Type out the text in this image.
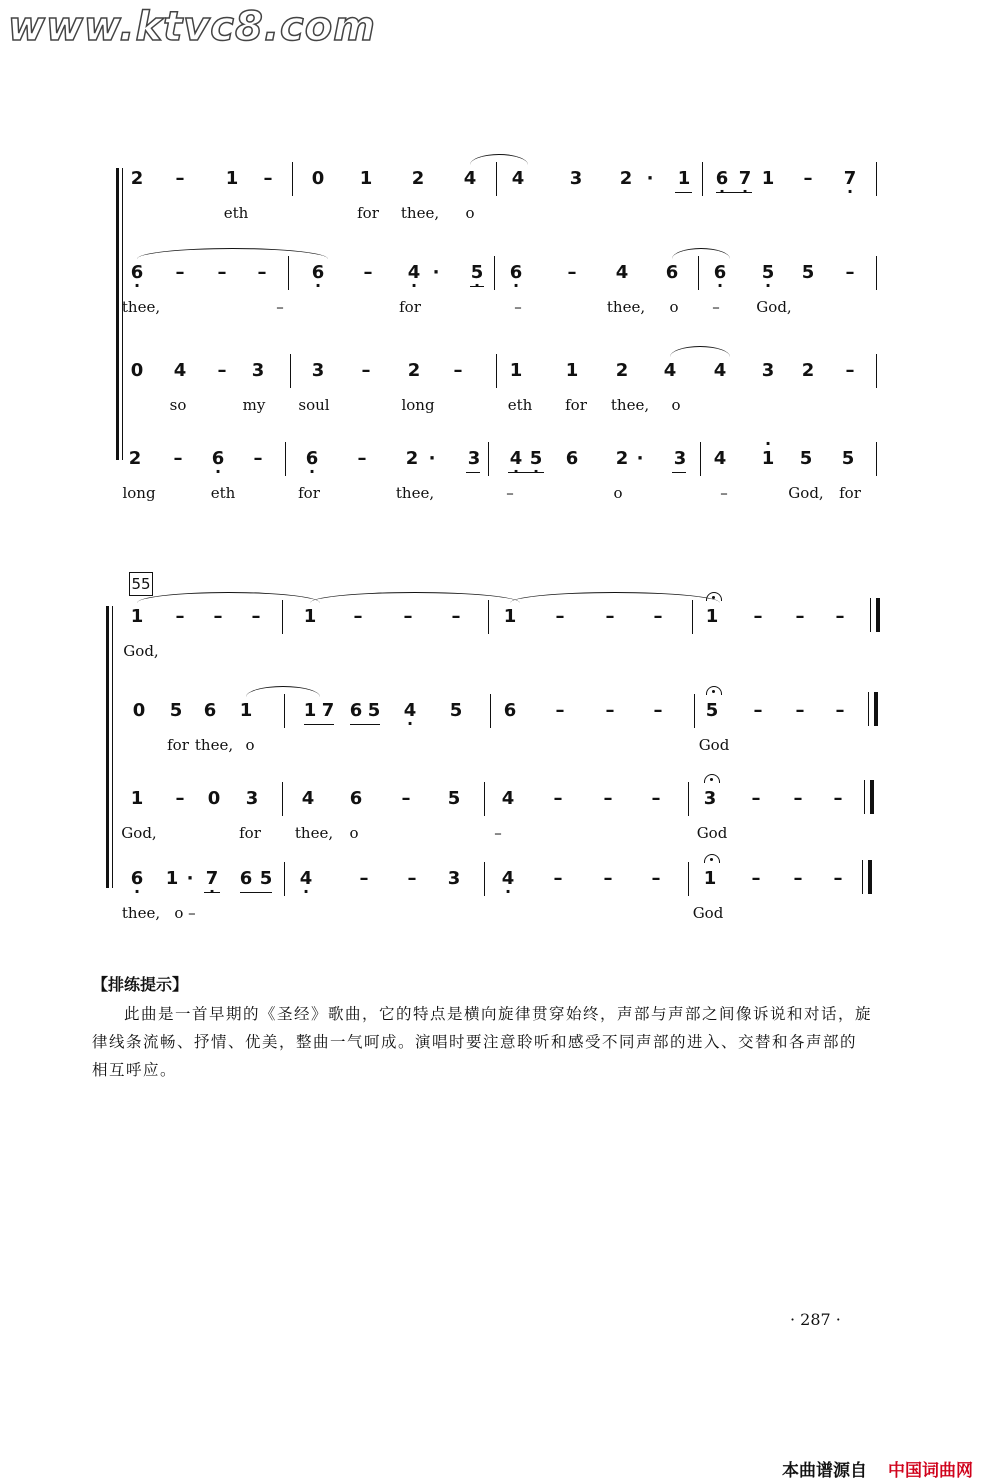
www.ktvc8.com
2 – 1 – 0 1 2 4 4	3 2 · 1 6 · 7 · 1 – 7 ·
eth	for thee, o
6 · – – –	6 · – 4 · · 5 · 6 ·	– 4 6 6 · 5 · 5 –
thee,	–	for	–	thee, o – God,
0 4 – 3	3 – 2 –	1 1 2 4 4 3 2 –
so	my soul	long	eth for thee, o
2 – 6 · – 6 · – 2 · 3 4 · 5 · 6 2 · 3 4
· 1 5 5
long	eth	for	thee,	–	o	–	God, for
55
1 – – – 1 – – – 1 – – – 1 – – –
God,
0 5 6 1	1 7 6 5 4 · 5 6 – – – 5 – – –
for thee, o	God
1 – 0 3 4 6 – 5 4 – – – 3 – – –
God,	for thee, o	–	God
6 · 1 · 7 · 6 5 4 ·	– – 3 4 · – – – 1 – – –
thee, o –	God
【排练提示】
此曲是一首早期的《圣经》歌曲，它的特点是横向旋律贯穿始终，声部与声部之间像诉说和对话，旋律线条流畅、抒情、优美，整曲一气呵成。演唱时要注意聆听和感受不同声部的进入、交替和各声部的相互呼应。
· 287 ·
本曲谱源自 中国词曲网
